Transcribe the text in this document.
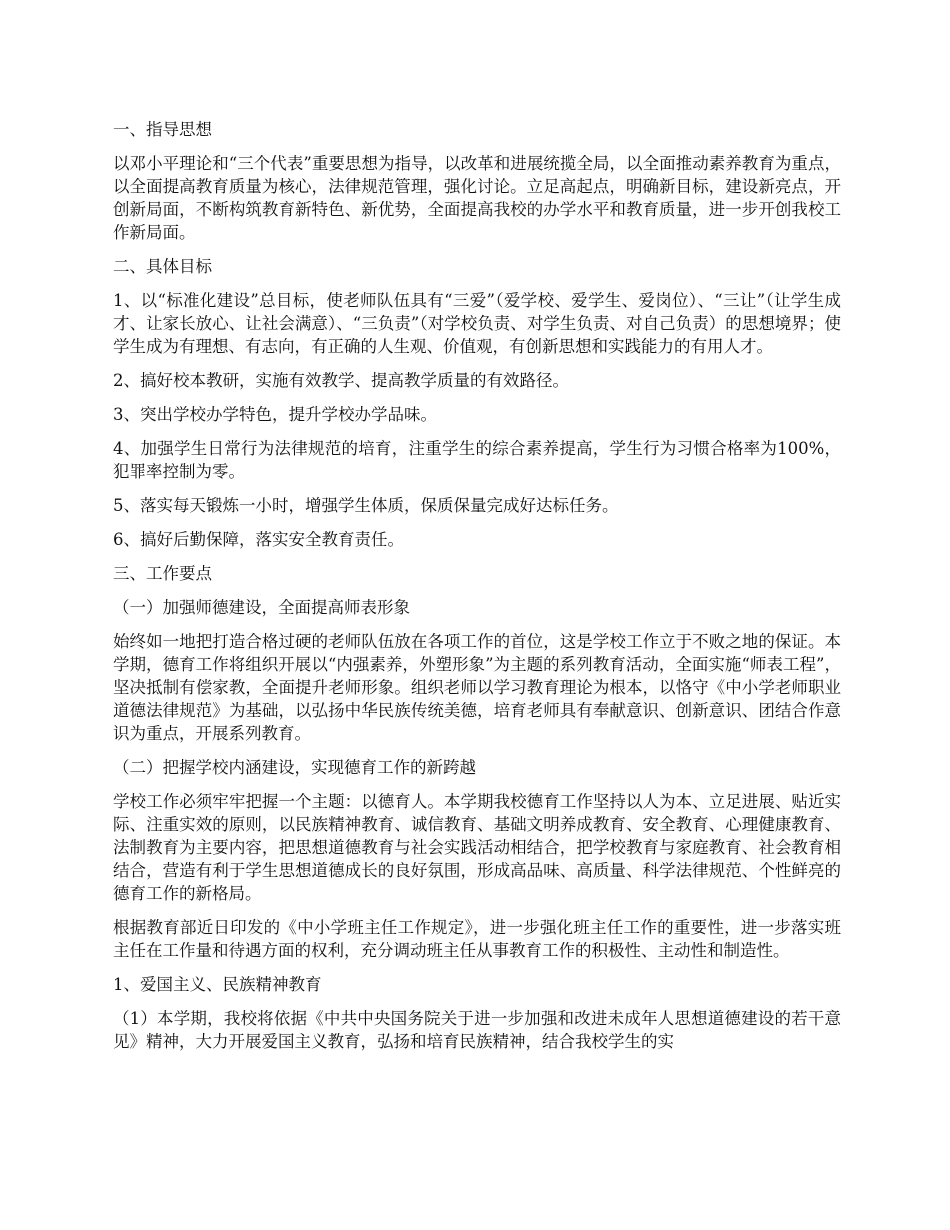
一、指导思想
以邓小平理论和“三个代表”重要思想为指导，以改革和进展统揽全局，以全面推动素养教育为重点，以全面提高教育质量为核心，法律规范管理，强化讨论。立足高起点，明确新目标，建设新亮点，开创新局面，不断构筑教育新特色、新优势，全面提高我校的办学水平和教育质量，进一步开创我校工作新局面。
二、具体目标
1、以“标准化建设”总目标，使老师队伍具有“三爱”（爱学校、爱学生、爱岗位）、“三让”（让学生成才、让家长放心、让社会满意）、“三负责”（对学校负责、对学生负责、对自己负责）的思想境界；使学生成为有理想、有志向，有正确的人生观、价值观，有创新思想和实践能力的有用人才。
2、搞好校本教研，实施有效教学、提高教学质量的有效路径。
3、突出学校办学特色，提升学校办学品味。
4、加强学生日常行为法律规范的培育，注重学生的综合素养提高，学生行为习惯合格率为100%，犯罪率控制为零。
5、落实每天锻炼一小时，增强学生体质，保质保量完成好达标任务。
6、搞好后勤保障，落实安全教育责任。
三、工作要点
（一）加强师德建设，全面提高师表形象
始终如一地把打造合格过硬的老师队伍放在各项工作的首位，这是学校工作立于不败之地的保证。本学期，德育工作将组织开展以“内强素养，外塑形象”为主题的系列教育活动，全面实施“师表工程”，坚决抵制有偿家教，全面提升老师形象。组织老师以学习教育理论为根本，以恪守《中小学老师职业道德法律规范》为基础，以弘扬中华民族传统美德，培育老师具有奉献意识、创新意识、团结合作意识为重点，开展系列教育。
（二）把握学校内涵建设，实现德育工作的新跨越
学校工作必须牢牢把握一个主题：以德育人。本学期我校德育工作坚持以人为本、立足进展、贴近实际、注重实效的原则，以民族精神教育、诚信教育、基础文明养成教育、安全教育、心理健康教育、法制教育为主要内容，把思想道德教育与社会实践活动相结合，把学校教育与家庭教育、社会教育相结合，营造有利于学生思想道德成长的良好氛围，形成高品味、高质量、科学法律规范、个性鲜亮的德育工作的新格局。
根据教育部近日印发的《中小学班主任工作规定》，进一步强化班主任工作的重要性，进一步落实班主任在工作量和待遇方面的权利，充分调动班主任从事教育工作的积极性、主动性和制造性。
1、爱国主义、民族精神教育
（1）本学期，我校将依据《中共中央国务院关于进一步加强和改进未成年人思想道德建设的若干意见》精神，大力开展爱国主义教育，弘扬和培育民族精神，结合我校学生的实
